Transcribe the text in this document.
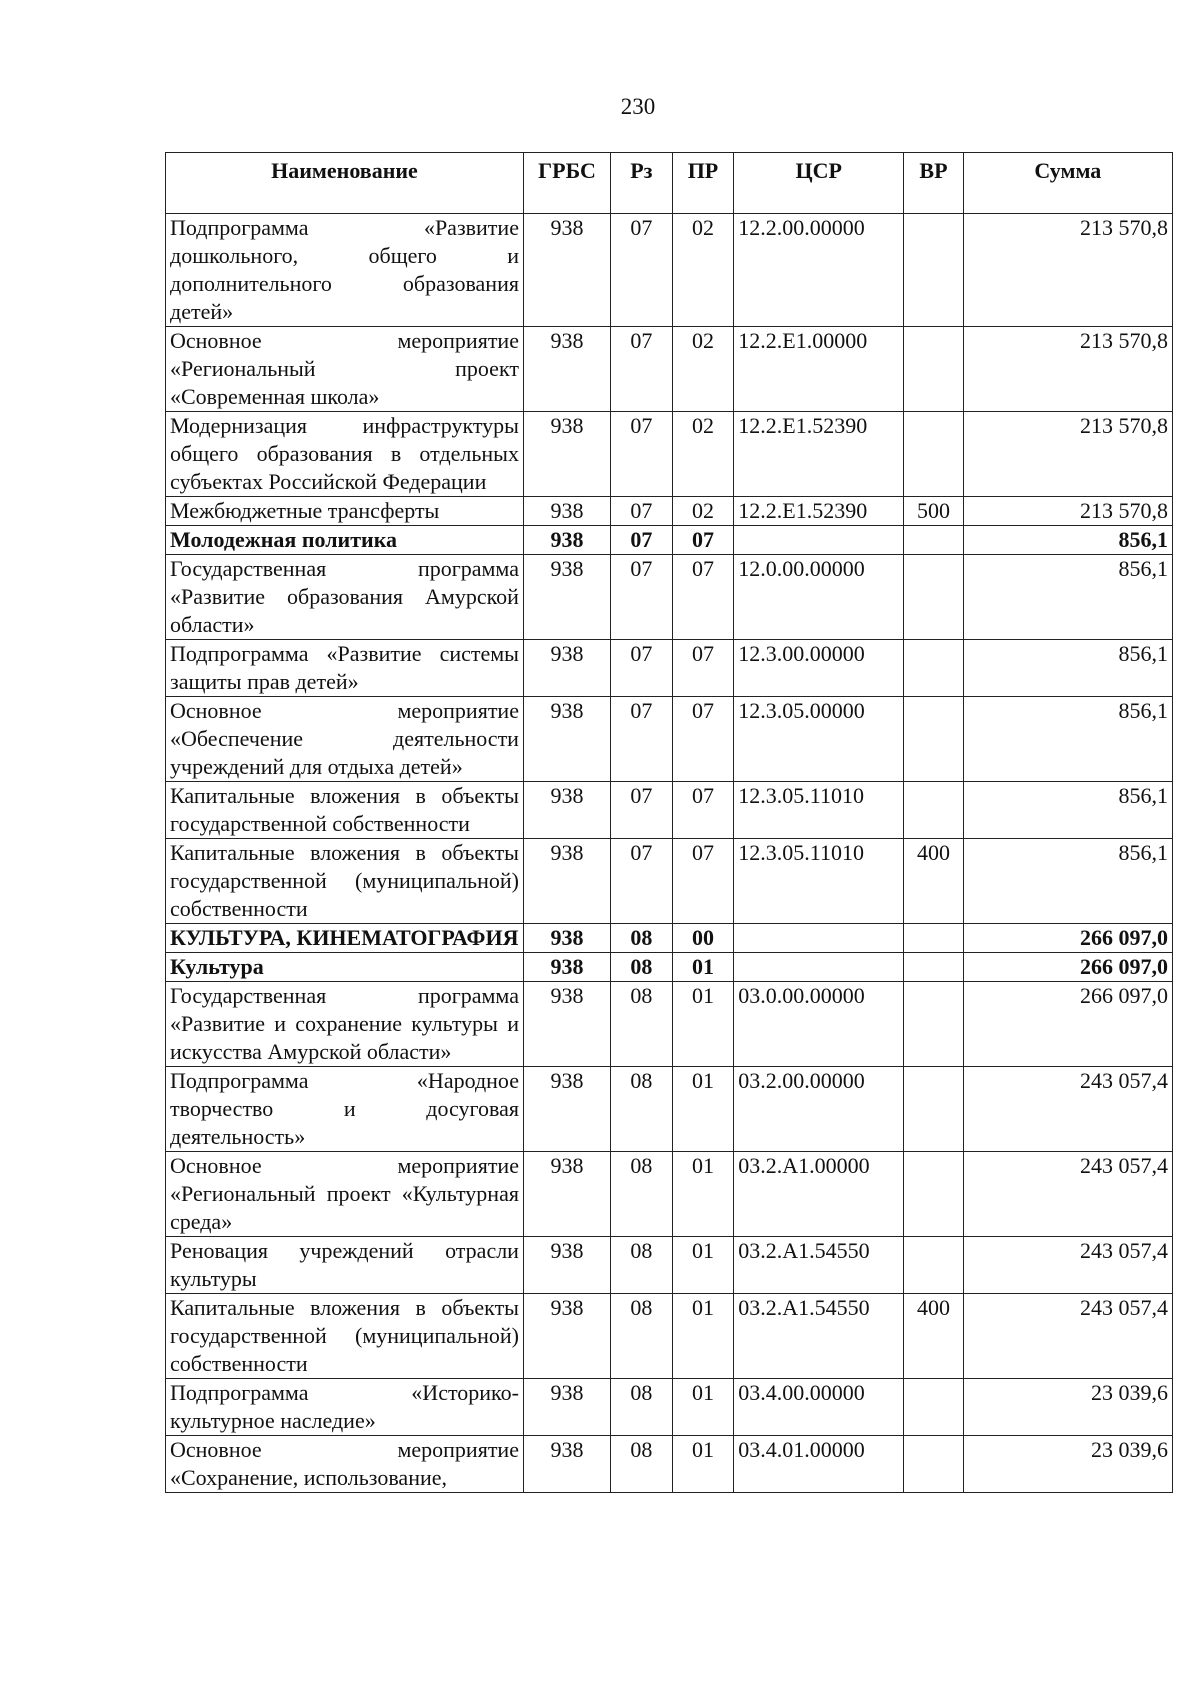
230
Наименование	ГРБС	Рз	ПР	ЦСР	ВР	Сумма
Подпрограмма «Развитие дошкольного, общего и дополнительного образования детей»	938	07	02	12.2.00.00000		213 570,8
Основное мероприятие «Региональный проект «Современная школа»	938	07	02	12.2.E1.00000		213 570,8
Модернизация инфраструктуры общего образования в отдельных субъектах Российской Федерации	938	07	02	12.2.E1.52390		213 570,8
Межбюджетные трансферты	938	07	02	12.2.E1.52390	500	213 570,8
Молодежная политика	938	07	07			856,1
Государственная программа «Развитие образования Амурской области»	938	07	07	12.0.00.00000		856,1
Подпрограмма «Развитие системы защиты прав детей»	938	07	07	12.3.00.00000		856,1
Основное мероприятие «Обеспечение деятельности учреждений для отдыха детей»	938	07	07	12.3.05.00000		856,1
Капитальные вложения в объекты государственной собственности	938	07	07	12.3.05.11010		856,1
Капитальные вложения в объекты государственной (муниципальной) собственности	938	07	07	12.3.05.11010	400	856,1
КУЛЬТУРА, КИНЕМАТОГРАФИЯ	938	08	00			266 097,0
Культура	938	08	01			266 097,0
Государственная программа «Развитие и сохранение культуры и искусства Амурской области»	938	08	01	03.0.00.00000		266 097,0
Подпрограмма «Народное творчество и досуговая деятельность»	938	08	01	03.2.00.00000		243 057,4
Основное мероприятие «Региональный проект «Культурная среда»	938	08	01	03.2.A1.00000		243 057,4
Реновация учреждений отрасли культуры	938	08	01	03.2.A1.54550		243 057,4
Капитальные вложения в объекты государственной (муниципальной) собственности	938	08	01	03.2.A1.54550	400	243 057,4
Подпрограмма «Историко-культурное наследие»	938	08	01	03.4.00.00000		23 039,6
Основное мероприятие «Сохранение, использование,	938	08	01	03.4.01.00000		23 039,6
